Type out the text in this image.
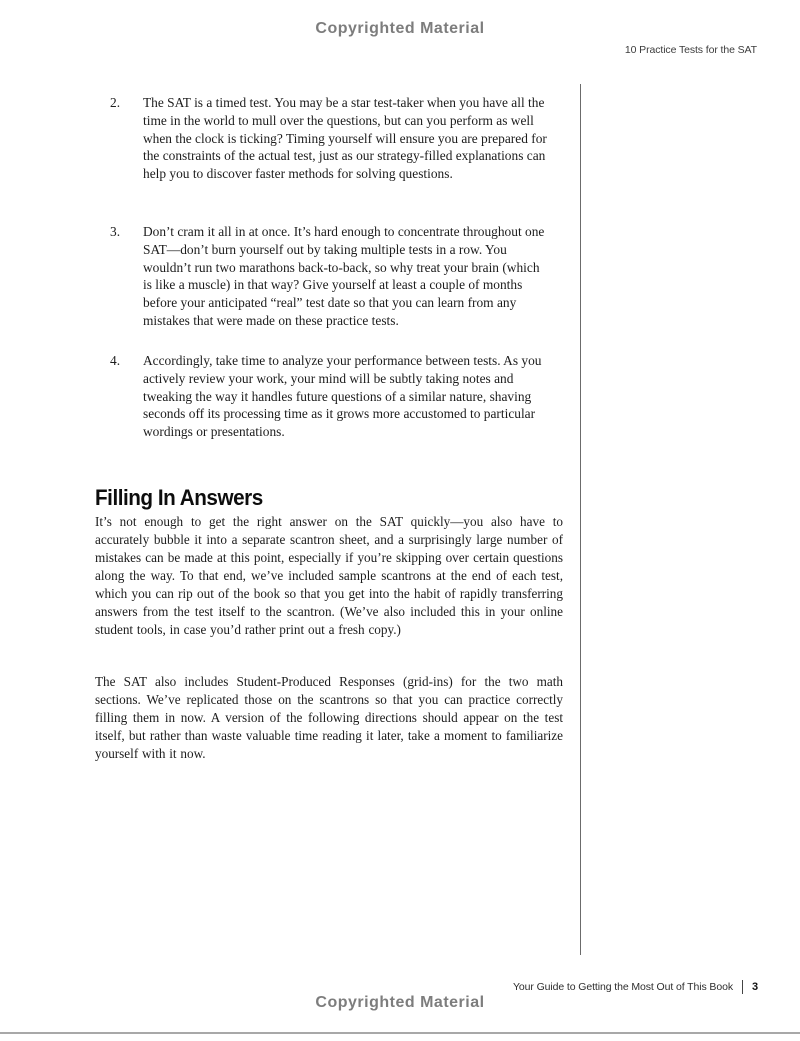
Copyrighted Material
10 Practice Tests for the SAT
2.	The SAT is a timed test. You may be a star test-taker when you have all the time in the world to mull over the questions, but can you perform as well when the clock is ticking? Timing yourself will ensure you are prepared for the constraints of the actual test, just as our strategy-filled explanations can help you to discover faster methods for solving questions.
3.	Don’t cram it all in at once. It’s hard enough to concentrate throughout one SAT—don’t burn yourself out by taking multiple tests in a row. You wouldn’t run two marathons back-to-back, so why treat your brain (which is like a muscle) in that way? Give yourself at least a couple of months before your anticipated “real” test date so that you can learn from any mistakes that were made on these practice tests.
4.	Accordingly, take time to analyze your performance between tests. As you actively review your work, your mind will be subtly taking notes and tweaking the way it handles future questions of a similar nature, shaving seconds off its processing time as it grows more accustomed to particular wordings or presentations.
Filling In Answers

It’s not enough to get the right answer on the SAT quickly—you also have to accurately bubble it into a separate scantron sheet, and a surprisingly large number of mistakes can be made at this point, especially if you’re skipping over certain questions along the way. To that end, we’ve included sample scantrons at the end of each test, which you can rip out of the book so that you get into the habit of rapidly transferring answers from the test itself to the scantron. (We’ve also included this in your online student tools, in case you’d rather print out a fresh copy.)

The SAT also includes Student-Produced Responses (grid-ins) for the two math sections. We’ve replicated those on the scantrons so that you can practice correctly filling them in now. A version of the following directions should appear on the test itself, but rather than waste valuable time reading it later, take a moment to familiarize yourself with it now.

Your Guide to Getting the Most Out of This Book 3
Copyrighted Material
